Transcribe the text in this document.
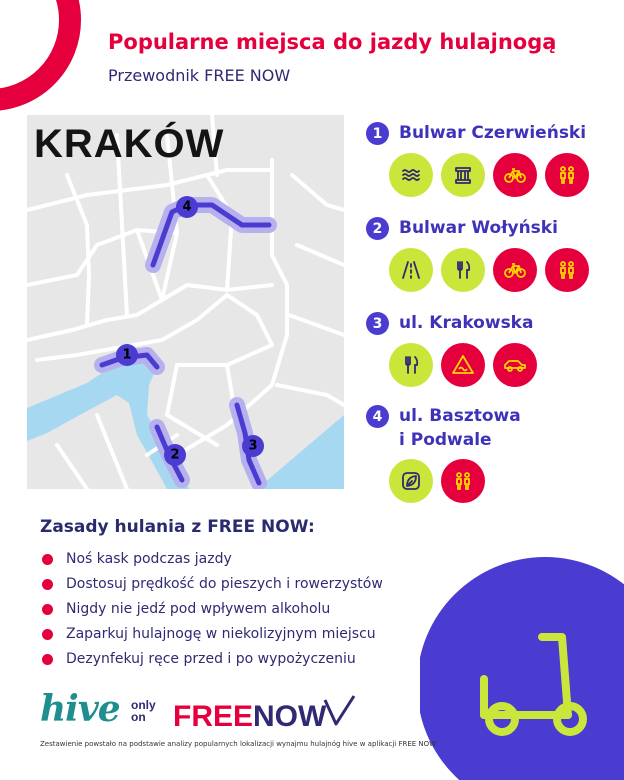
Popularne miejsca do jazdy hulajnogą
Przewodnik FREE NOW
1
2
3
4
KRAKÓW	1 Bulwar Czerwieński
2 Bulwar Wołyński
3 ul. Krakowska
4 ul. Basztowa
i Podwale
Zasady hulania z FREE NOW:
Noś kask podczas jazdy
Dostosuj prędkość do pieszych i rowerzystów
Nigdy nie jedź pod wpływem alkoholu
Zaparkuj hulajnogę w niekolizyjnym miejscu
Dezynfekuj ręce przed i po wypożyczeniu
hive only
on FREENOW
Zestawienie powstało na podstawie analizy popularnych lokalizacji wynajmu hulajnóg hive w aplikacji FREE NOW
